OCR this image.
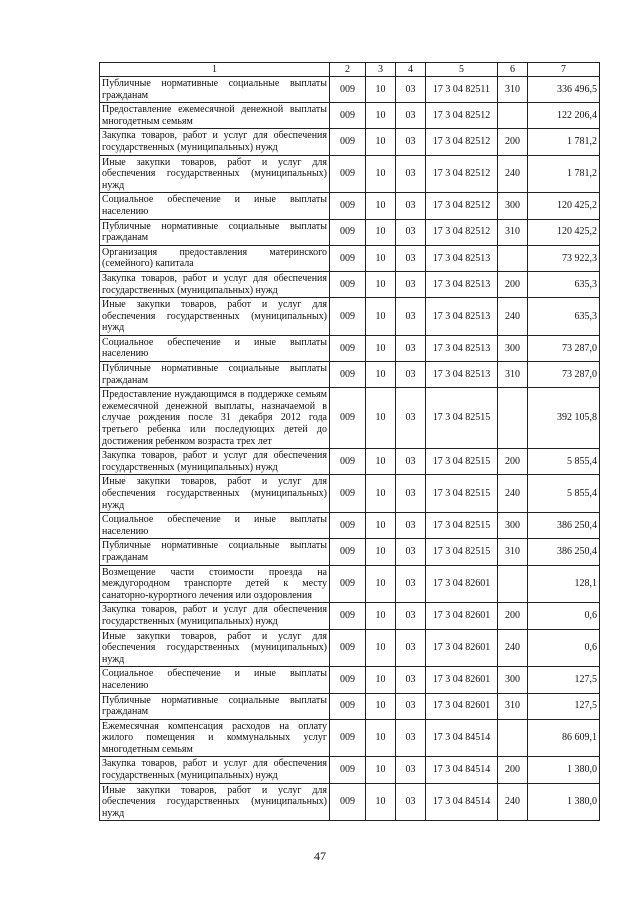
1	2	3	4	5	6	7
Публичные нормативные социальные выплаты гражданам	009	10	03	17 3 04 82511	310	336 496,5
Предоставление ежемесячной денежной выплаты многодетным семьям	009	10	03	17 3 04 82512		122 206,4
Закупка товаров, работ и услуг для обеспечения государственных (муниципальных) нужд	009	10	03	17 3 04 82512	200	1 781,2
Иные закупки товаров, работ и услуг для обеспечения государственных (муниципальных) нужд	009	10	03	17 3 04 82512	240	1 781,2
Социальное обеспечение и иные выплаты населению	009	10	03	17 3 04 82512	300	120 425,2
Публичные нормативные социальные выплаты гражданам	009	10	03	17 3 04 82512	310	120 425,2
Организация предоставления материнского (семейного) капитала	009	10	03	17 3 04 82513		73 922,3
Закупка товаров, работ и услуг для обеспечения государственных (муниципальных) нужд	009	10	03	17 3 04 82513	200	635,3
Иные закупки товаров, работ и услуг для обеспечения государственных (муниципальных) нужд	009	10	03	17 3 04 82513	240	635,3
Социальное обеспечение и иные выплаты населению	009	10	03	17 3 04 82513	300	73 287,0
Публичные нормативные социальные выплаты гражданам	009	10	03	17 3 04 82513	310	73 287,0
Предоставление нуждающимся в поддержке семьям ежемесячной денежной выплаты, назначаемой в случае рождения после 31 декабря 2012 года третьего ребенка или последующих детей до достижения ребенком возраста трех лет	009	10	03	17 3 04 82515		392 105,8
Закупка товаров, работ и услуг для обеспечения государственных (муниципальных) нужд	009	10	03	17 3 04 82515	200	5 855,4
Иные закупки товаров, работ и услуг для обеспечения государственных (муниципальных) нужд	009	10	03	17 3 04 82515	240	5 855,4
Социальное обеспечение и иные выплаты населению	009	10	03	17 3 04 82515	300	386 250,4
Публичные нормативные социальные выплаты гражданам	009	10	03	17 3 04 82515	310	386 250,4
Возмещение части стоимости проезда на междугородном транспорте детей к месту санаторно-курортного лечения или оздоровления	009	10	03	17 3 04 82601		128,1
Закупка товаров, работ и услуг для обеспечения государственных (муниципальных) нужд	009	10	03	17 3 04 82601	200	0,6
Иные закупки товаров, работ и услуг для обеспечения государственных (муниципальных) нужд	009	10	03	17 3 04 82601	240	0,6
Социальное обеспечение и иные выплаты населению	009	10	03	17 3 04 82601	300	127,5
Публичные нормативные социальные выплаты гражданам	009	10	03	17 3 04 82601	310	127,5
Ежемесячная компенсация расходов на оплату жилого помещения и коммунальных услуг многодетным семьям	009	10	03	17 3 04 84514		86 609,1
Закупка товаров, работ и услуг для обеспечения государственных (муниципальных) нужд	009	10	03	17 3 04 84514	200	1 380,0
Иные закупки товаров, работ и услуг для обеспечения государственных (муниципальных) нужд	009	10	03	17 3 04 84514	240	1 380,0
47
